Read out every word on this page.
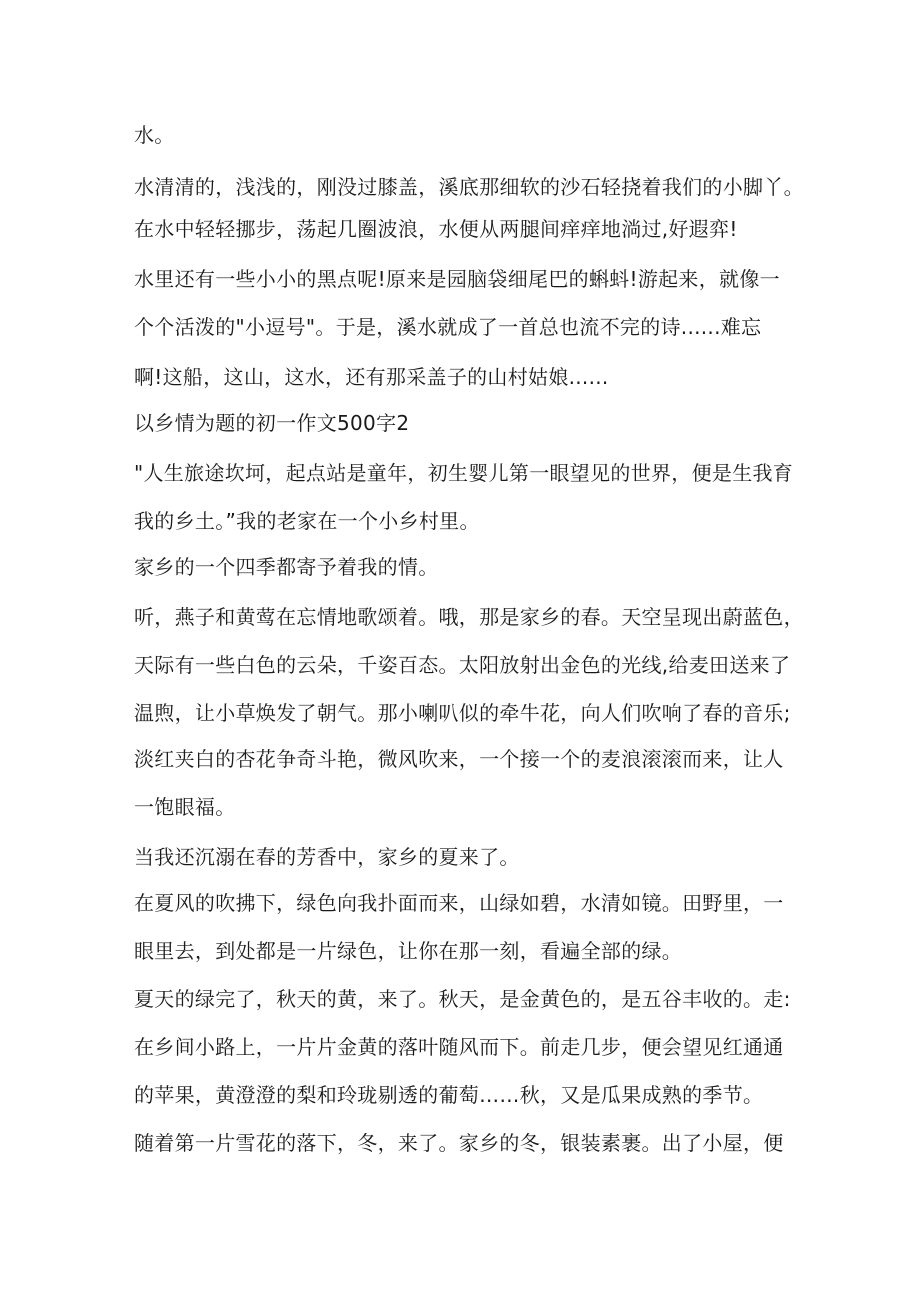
水。

水清清的，浅浅的，刚没过膝盖，溪底那细软的沙石轻挠着我们的小脚丫。

在水中轻轻挪步，荡起几圈波浪，水便从两腿间痒痒地淌过,好遐弈!

水里还有一些小小的黑点呢!原来是园脑袋细尾巴的蝌蚪!游起来，就像一

个个活泼的"小逗号"。于是，溪水就成了一首总也流不完的诗......难忘

啊!这船，这山，这水，还有那采盖子的山村姑娘......

以乡情为题的初一作文500字2

"人生旅途坎坷，起点站是童年，初生婴儿第一眼望见的世界，便是生我育

我的乡土。”我的老家在一个小乡村里。

家乡的一个四季都寄予着我的情。

听，燕子和黄莺在忘情地歌颂着。哦，那是家乡的春。天空呈现出蔚蓝色，

天际有一些白色的云朵，千姿百态。太阳放射出金色的光线,给麦田送来了

温煦，让小草焕发了朝气。那小喇叭似的牵牛花，向人们吹响了春的音乐;

淡红夹白的杏花争奇斗艳，微风吹来，一个接一个的麦浪滚滚而来，让人

一饱眼福。

当我还沉溺在春的芳香中，家乡的夏来了。

在夏风的吹拂下，绿色向我扑面而来，山绿如碧，水清如镜。田野里，一

眼里去，到处都是一片绿色，让你在那一刻，看遍全部的绿。

夏天的绿完了，秋天的黄，来了。秋天，是金黄色的，是五谷丰收的。走:

在乡间小路上，一片片金黄的落叶随风而下。前走几步，便会望见红通通

的苹果，黄澄澄的梨和玲珑剔透的葡萄……秋，又是瓜果成熟的季节。

随着第一片雪花的落下，冬，来了。家乡的冬，银装素裹。出了小屋，便
